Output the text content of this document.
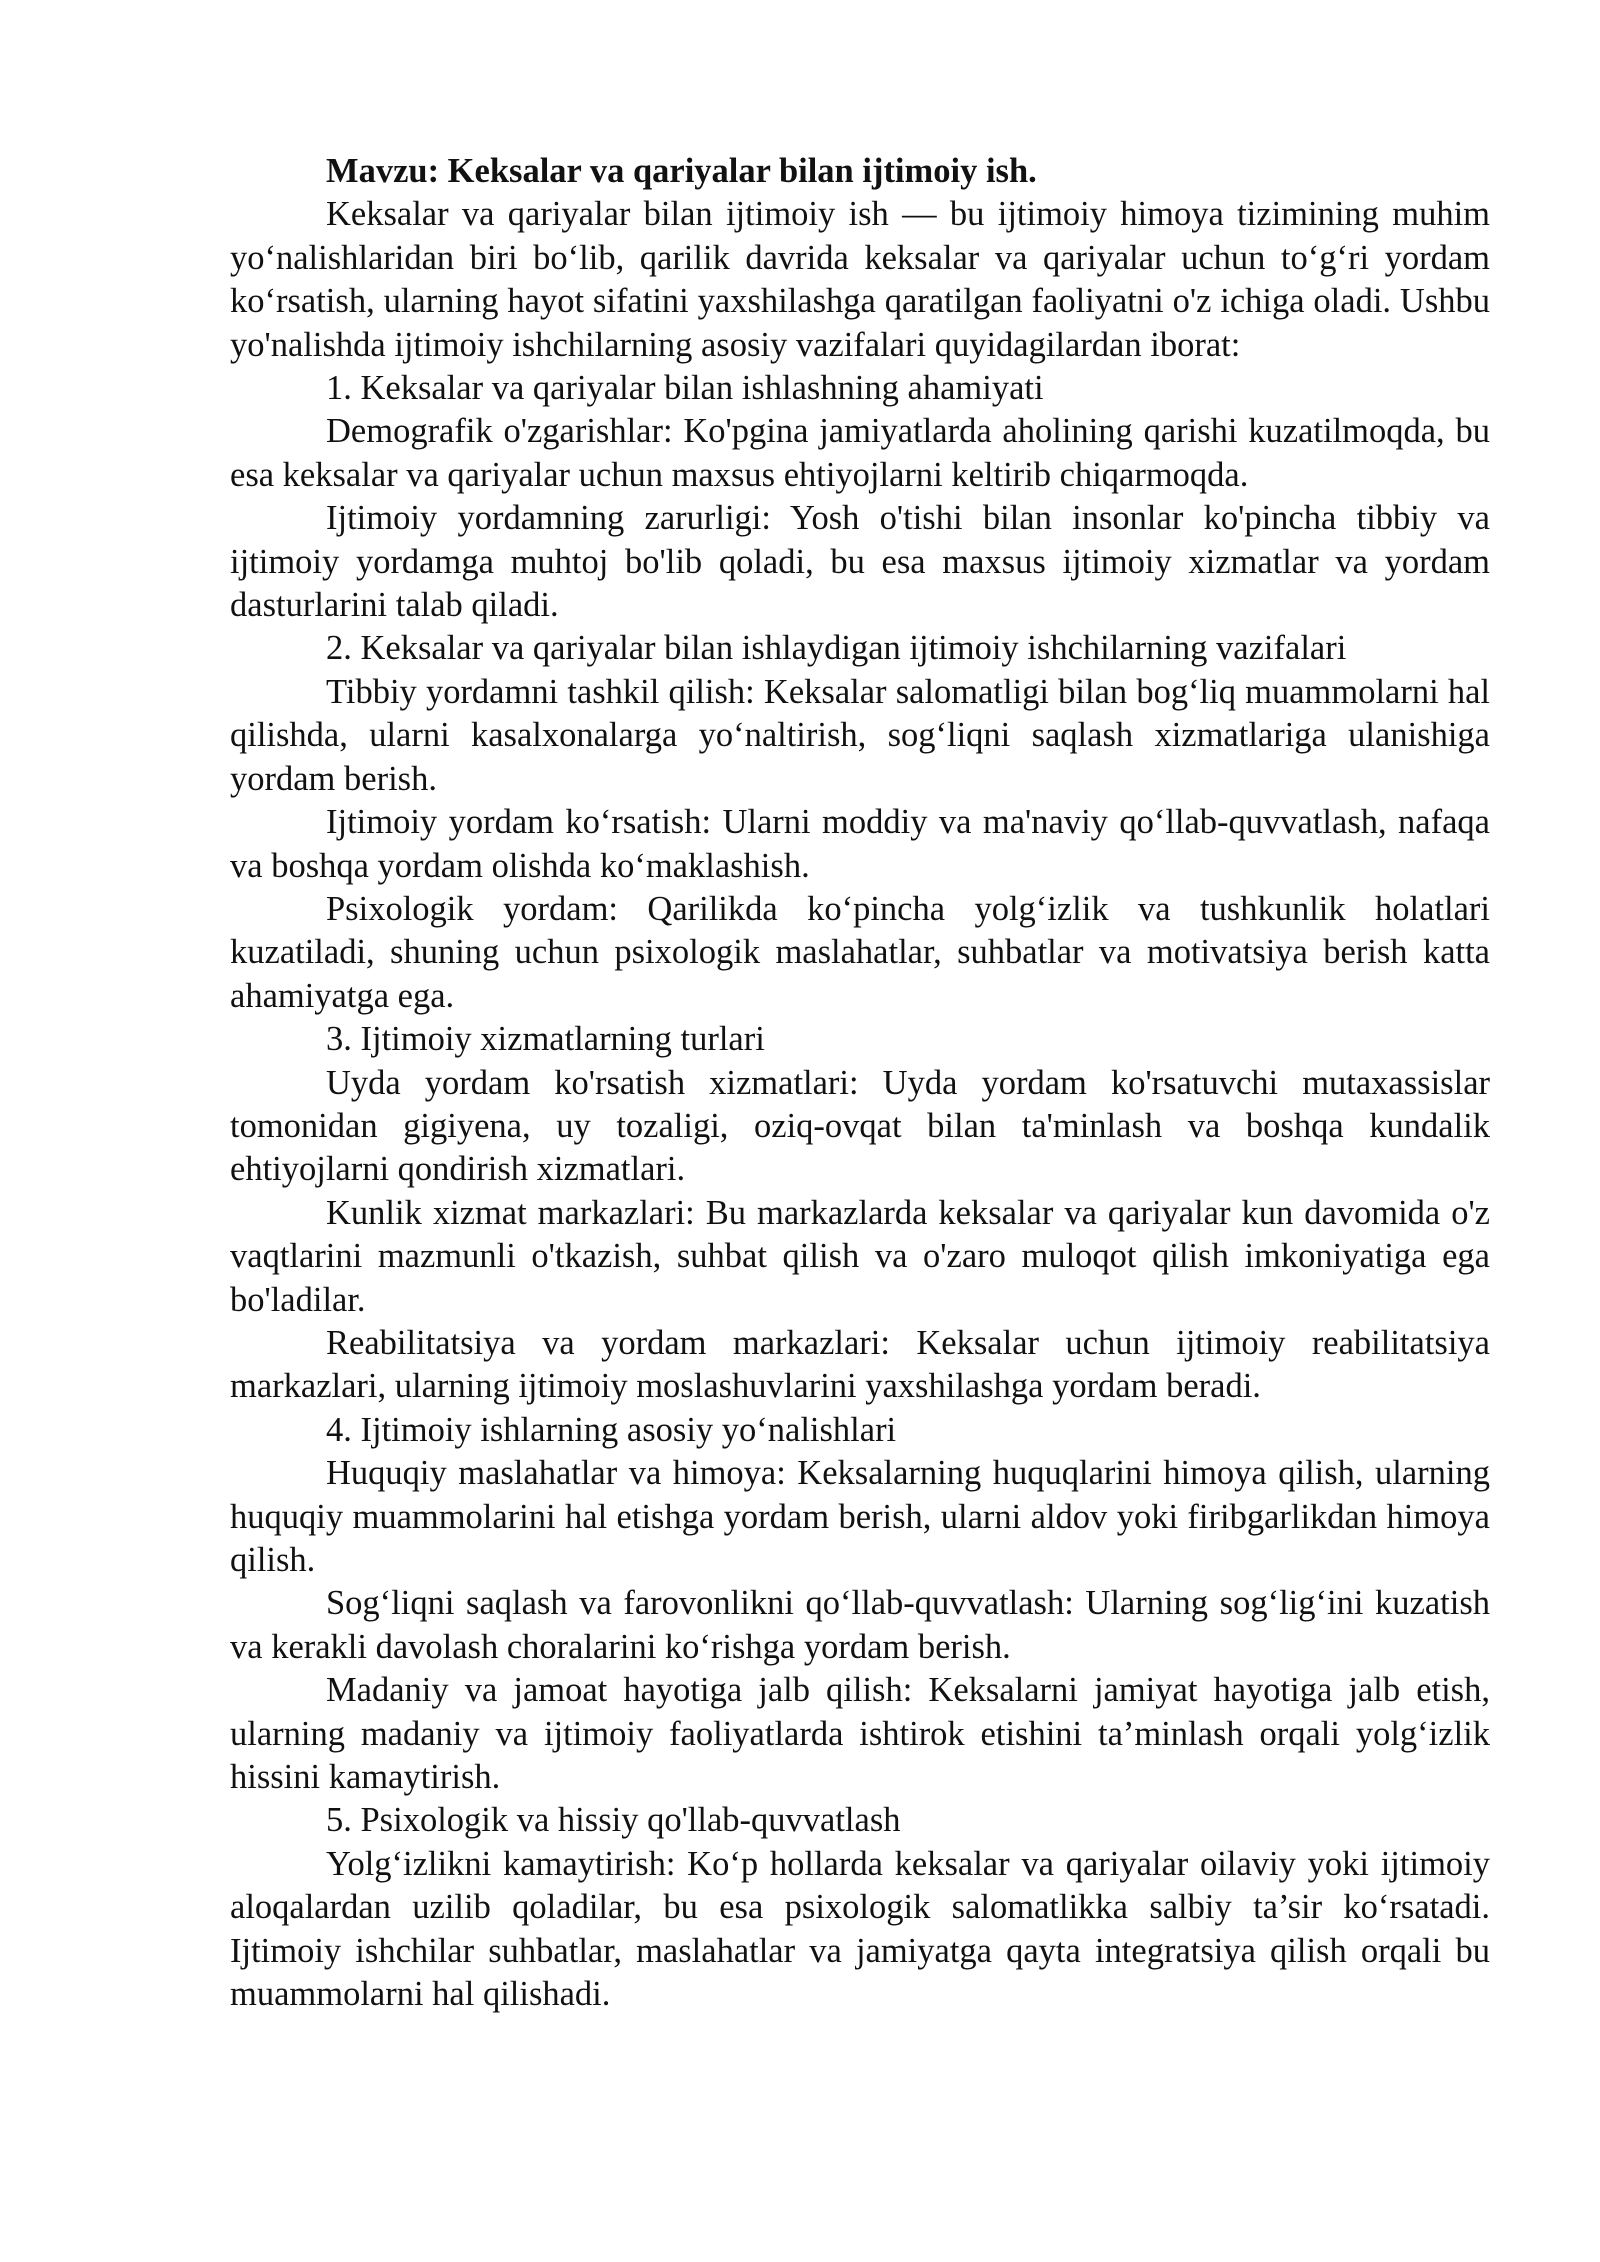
Mavzu: Keksalar va qariyalar bilan ijtimoiy ish.

Keksalar va qariyalar bilan ijtimoiy ish — bu ijtimoiy himoya tizimining muhim yo‘nalishlaridan biri bo‘lib, qarilik davrida keksalar va qariyalar uchun to‘g‘ri yordam ko‘rsatish, ularning hayot sifatini yaxshilashga qaratilgan faoliyatni o'z ichiga oladi. Ushbu yo'nalishda ijtimoiy ishchilarning asosiy vazifalari quyidagilardan iborat:

1. Keksalar va qariyalar bilan ishlashning ahamiyati

Demografik o'zgarishlar: Ko'pgina jamiyatlarda aholining qarishi kuzatilmoqda, bu esa keksalar va qariyalar uchun maxsus ehtiyojlarni keltirib chiqarmoqda.

Ijtimoiy yordamning zarurligi: Yosh o'tishi bilan insonlar ko'pincha tibbiy va ijtimoiy yordamga muhtoj bo'lib qoladi, bu esa maxsus ijtimoiy xizmatlar va yordam dasturlarini talab qiladi.

2. Keksalar va qariyalar bilan ishlaydigan ijtimoiy ishchilarning vazifalari

Tibbiy yordamni tashkil qilish: Keksalar salomatligi bilan bog‘liq muammolarni hal qilishda, ularni kasalxonalarga yo‘naltirish, sog‘liqni saqlash xizmatlariga ulanishiga yordam berish.

Ijtimoiy yordam ko‘rsatish: Ularni moddiy va ma'naviy qo‘llab-quvvatlash, nafaqa va boshqa yordam olishda ko‘maklashish.

Psixologik yordam: Qarilikda ko‘pincha yolg‘izlik va tushkunlik holatlari kuzatiladi, shuning uchun psixologik maslahatlar, suhbatlar va motivatsiya berish katta ahamiyatga ega.

3. Ijtimoiy xizmatlarning turlari

Uyda yordam ko'rsatish xizmatlari: Uyda yordam ko'rsatuvchi mutaxassislar tomonidan gigiyena, uy tozaligi, oziq-ovqat bilan ta'minlash va boshqa kundalik ehtiyojlarni qondirish xizmatlari.

Kunlik xizmat markazlari: Bu markazlarda keksalar va qariyalar kun davomida o'z vaqtlarini mazmunli o'tkazish, suhbat qilish va o'zaro muloqot qilish imkoniyatiga ega bo'ladilar.

Reabilitatsiya va yordam markazlari: Keksalar uchun ijtimoiy reabilitatsiya markazlari, ularning ijtimoiy moslashuvlarini yaxshilashga yordam beradi.

4. Ijtimoiy ishlarning asosiy yo‘nalishlari

Huquqiy maslahatlar va himoya: Keksalarning huquqlarini himoya qilish, ularning huquqiy muammolarini hal etishga yordam berish, ularni aldov yoki firibgarlikdan himoya qilish.

Sog‘liqni saqlash va farovonlikni qo‘llab-quvvatlash: Ularning sog‘lig‘ini kuzatish va kerakli davolash choralarini ko‘rishga yordam berish.

Madaniy va jamoat hayotiga jalb qilish: Keksalarni jamiyat hayotiga jalb etish, ularning madaniy va ijtimoiy faoliyatlarda ishtirok etishini ta’minlash orqali yolg‘izlik hissini kamaytirish.

5. Psixologik va hissiy qo'llab-quvvatlash

Yolg‘izlikni kamaytirish: Ko‘p hollarda keksalar va qariyalar oilaviy yoki ijtimoiy aloqalardan uzilib qoladilar, bu esa psixologik salomatlikka salbiy ta’sir ko‘rsatadi. Ijtimoiy ishchilar suhbatlar, maslahatlar va jamiyatga qayta integratsiya qilish orqali bu muammolarni hal qilishadi.
